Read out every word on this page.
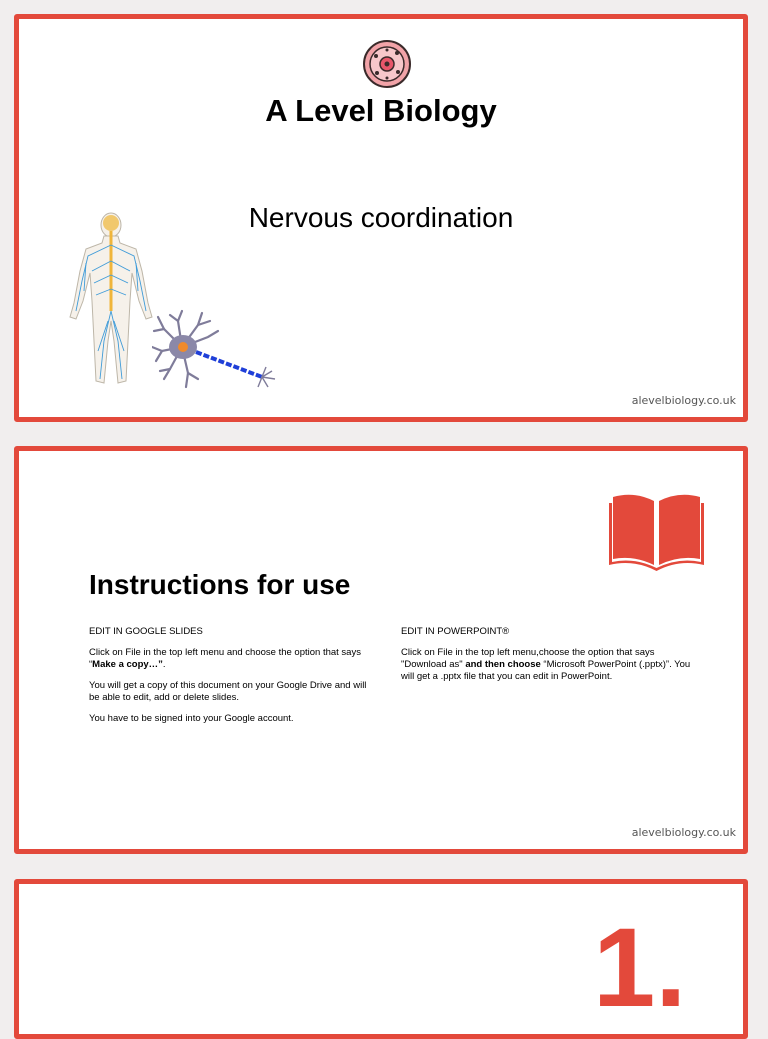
A Level Biology
Nervous coordination
alevelbiology.co.uk
Instructions for use

EDIT IN GOOGLE SLIDES

Click on File in the top left menu and choose the option that says “Make a copy…”.

You will get a copy of this document on your Google Drive and will be able to edit, add or delete slides.

You have to be signed into your Google account.

EDIT IN POWERPOINT®

Click on File in the top left menu,choose the option that says "Download as" and then choose “Microsoft PowerPoint (.pptx)”. You will get a .pptx file that you can edit in PowerPoint.

alevelbiology.co.uk
1.
